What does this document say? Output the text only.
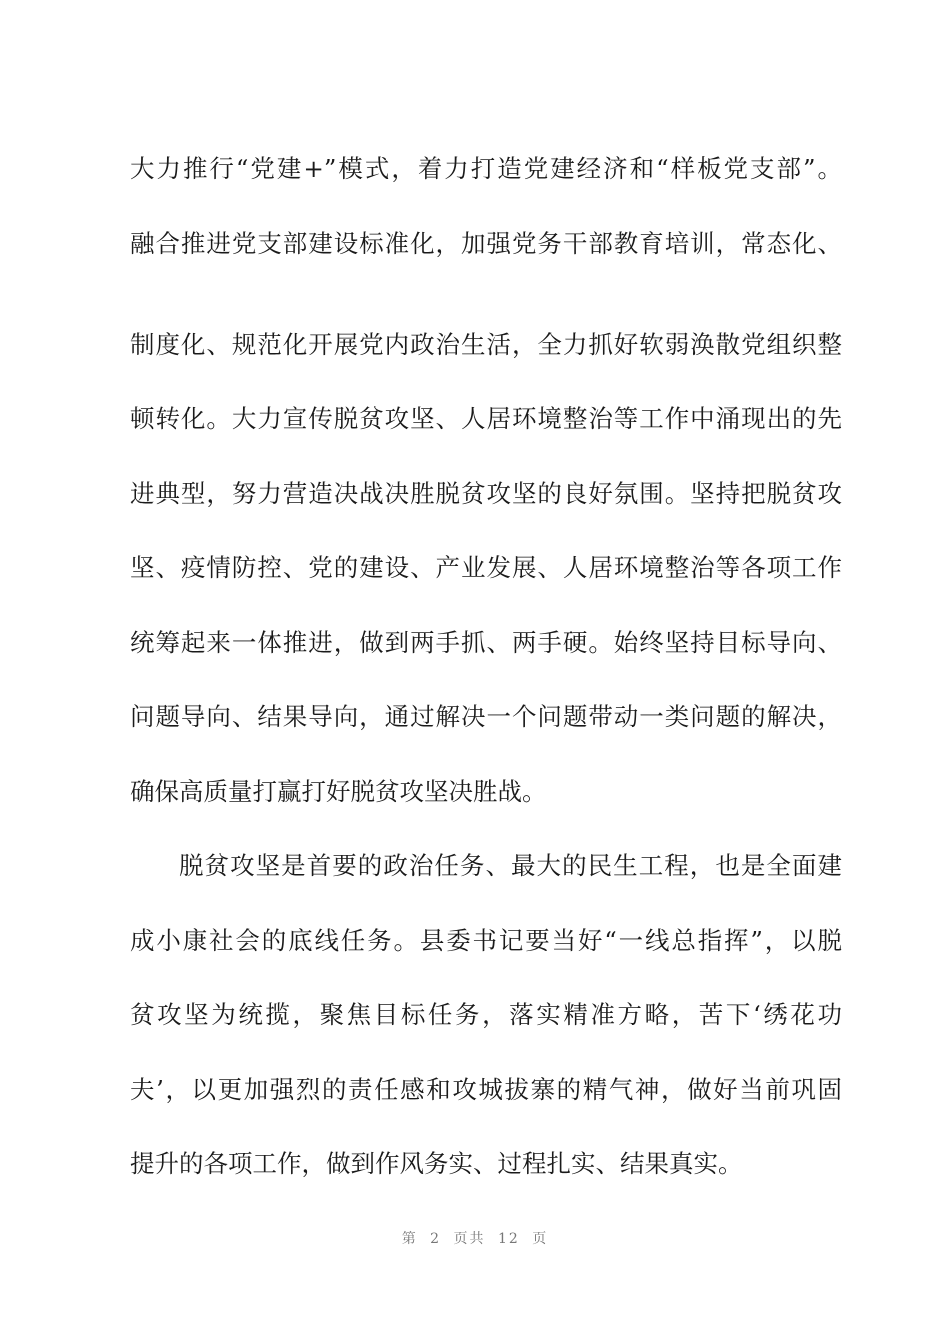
大力推行“党建+”模式，着力打造党建经济和“样板党支部”。
融合推进党支部建设标准化，加强党务干部教育培训，常态化、
制度化、规范化开展党内政治生活，全力抓好软弱涣散党组织整
顿转化。大力宣传脱贫攻坚、人居环境整治等工作中涌现出的先
进典型，努力营造决战决胜脱贫攻坚的良好氛围。坚持把脱贫攻
坚、疫情防控、党的建设、产业发展、人居环境整治等各项工作
统筹起来一体推进，做到两手抓、两手硬。始终坚持目标导向、
问题导向、结果导向，通过解决一个问题带动一类问题的解决，
确保高质量打赢打好脱贫攻坚决胜战。
脱贫攻坚是首要的政治任务、最大的民生工程，也是全面建
成小康社会的底线任务。县委书记要当好“一线总指挥”，以脱
贫攻坚为统揽，聚焦目标任务，落实精准方略，苦下‘绣花功
夫’，以更加强烈的责任感和攻城拔寨的精气神，做好当前巩固
提升的各项工作，做到作风务实、过程扎实、结果真实。
第 2 页共 12 页
